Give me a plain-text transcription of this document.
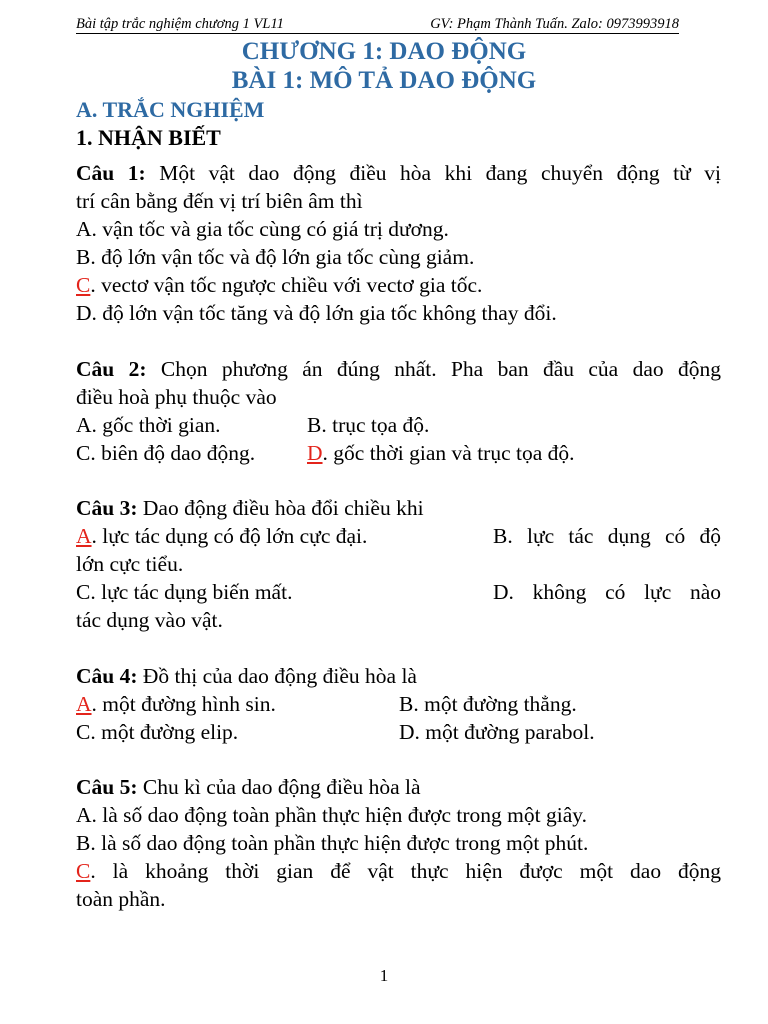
Bài tập trắc nghiệm chương 1 VL11	GV: Phạm Thành Tuấn. Zalo: 0973993918
CHƯƠNG 1: DAO ĐỘNG
BÀI 1: MÔ TẢ DAO ĐỘNG
A. TRẮC NGHIỆM
1. NHẬN BIẾT
Câu 1: Một vật dao động điều hòa khi đang chuyển động từ vị
trí cân bằng đến vị trí biên âm thì
A. vận tốc và gia tốc cùng có giá trị dương.
B. độ lớn vận tốc và độ lớn gia tốc cùng giảm.
C. vectơ vận tốc ngược chiều với vectơ gia tốc.
D. độ lớn vận tốc tăng và độ lớn gia tốc không thay đổi.
Câu 2: Chọn phương án đúng nhất. Pha ban đầu của dao động
điều hoà phụ thuộc vào
A. gốc thời gian.	B. trục tọa độ.
C. biên độ dao động. D. gốc thời gian và trục tọa độ.
Câu 3: Dao động điều hòa đổi chiều khi
A. lực tác dụng có độ lớn cực đại.	B. lực tác dụng có độ
lớn cực tiểu.
C. lực tác dụng biến mất.	D. không có lực nào
tác dụng vào vật.
Câu 4: Đồ thị của dao động điều hòa là
A. một đường hình sin.	B. một đường thẳng.
C. một đường elip.	D. một đường parabol.
Câu 5: Chu kì của dao động điều hòa là
A. là số dao động toàn phần thực hiện được trong một giây.
B. là số dao động toàn phần thực hiện được trong một phút.
C. là khoảng thời gian để vật thực hiện được một dao động
toàn phần.
1
